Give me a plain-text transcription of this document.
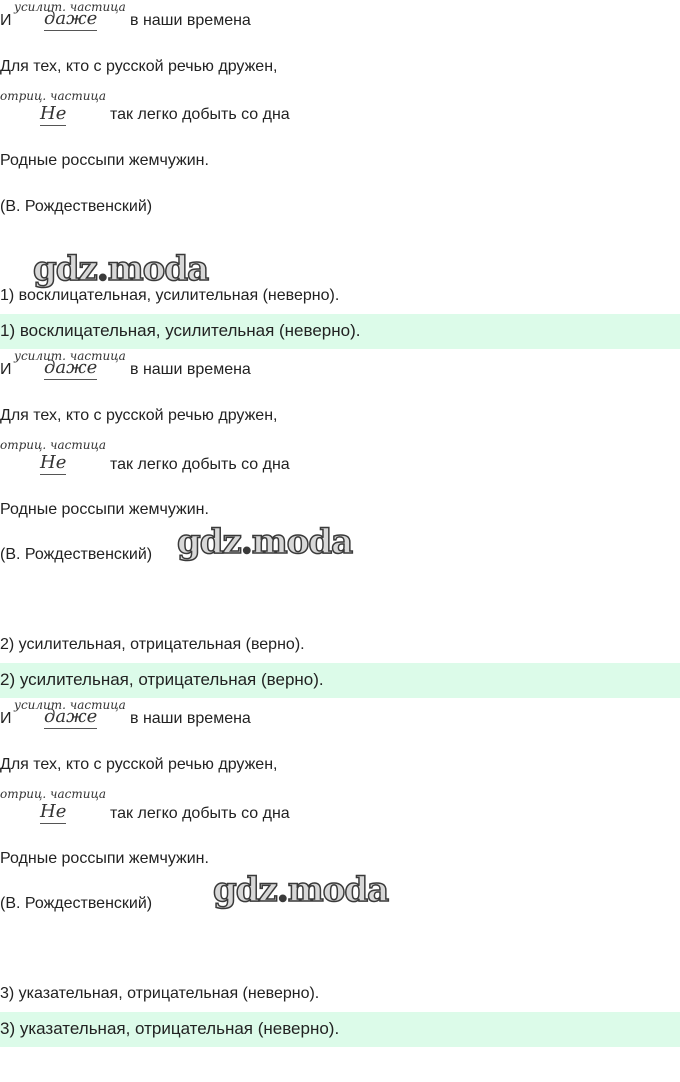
И
усилит. частица
даже в наши времена
Для тех, кто с русской речью дружен,
отриц. частица
Не	так легко добыть со дна
Родные россыпи жемчужин.
(В. Рождественский)
gdz.moda
1) восклицательная, усилительная (неверно).
1) восклицательная, усилительная (неверно).
И
усилит. частица
даже в наши времена
Для тех, кто с русской речью дружен,
отриц. частица
Не	так легко добыть со дна
Родные россыпи жемчужин.
(В. Рождественский) gdz.moda
2) усилительная, отрицательная (верно).
2) усилительная, отрицательная (верно).
И
усилит. частица
даже в наши времена
Для тех, кто с русской речью дружен,
отриц. частица
Не	так легко добыть со дна
Родные россыпи жемчужин.
(В. Рождественский) gdz.moda
3) указательная, отрицательная (неверно).
3) указательная, отрицательная (неверно).
